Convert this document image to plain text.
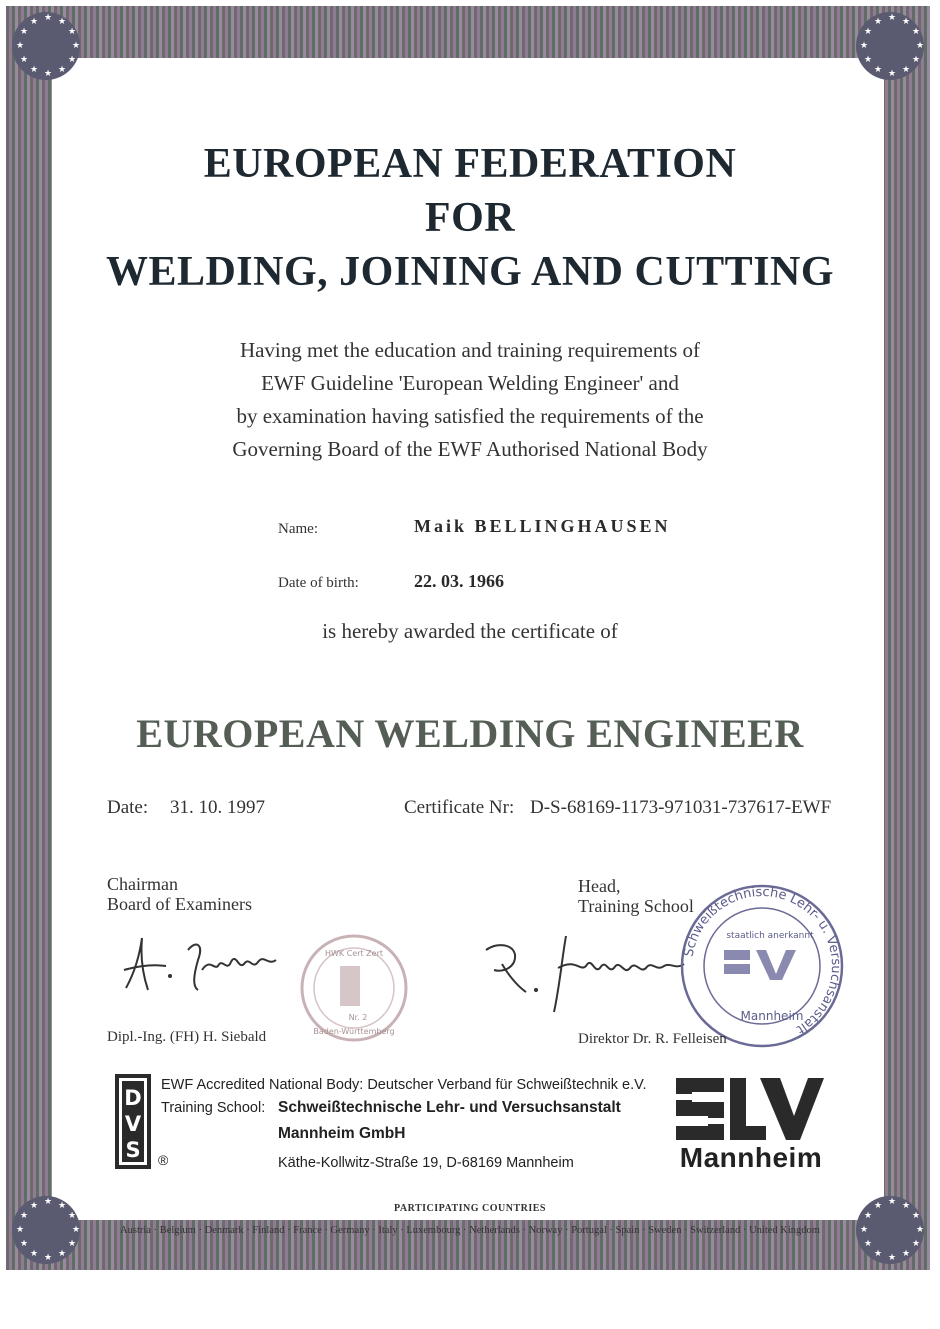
★ ★
★
★
★
★
★
★
★
★
★
★	★ ★
★
★
★
★
★
★
★
★
★
★
★ ★
★
★
★
★
★
★
★
★
★
★	★ ★
★
★
★
★
★
★
★
★
★
★
EUROPEAN FEDERATION
FOR
WELDING, JOINING AND CUTTING
Having met the education and training requirements of
EWF Guideline 'European Welding Engineer' and
by examination having satisfied the requirements of the
Governing Board of the EWF Authorised National Body
Name:	Maik BELLINGHAUSEN
Date of birth:	22. 03. 1966
is hereby awarded the certificate of
EUROPEAN WELDING ENGINEER
Date: 31. 10. 1997	Certificate Nr: D-S-68169-1173-971031-737617-EWF
Chairman
Board of Examiners
Head,
Training School
HWK Cert Zert
Nr. 2
Baden-Württemberg
Schweißtechnische Lehr- u. Versuchsanstalt
staatlich anerkannt
Mannheim
Dipl.-Ing. (FH) H. Siebald	Direktor Dr. R. Felleisen
D
V
S ®
EWF Accredited National Body: Deutscher Verband für Schweißtechnik e.V.
Training School: Schweißtechnische Lehr- und Versuchsanstalt
Mannheim GmbH
Käthe-Kollwitz-Straße 19, D-68169 Mannheim	Mannheim
PARTICIPATING COUNTRIES
Austria · Belgium · Denmark · Finland · France · Germany · Italy · Luxembourg · Netherlands · Norway · Portugal · Spain · Sweden · Switzerland · United Kingdom
